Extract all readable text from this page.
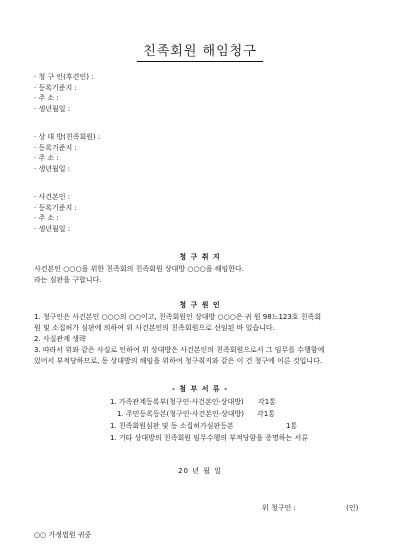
친족회원 해임청구
· 청 구 인(후견인) :
· 등록기준지 :
· 주 소 :
· 생년월일 :
· 상 대 방(친족회원) :
· 등록기준지 :
· 주 소 :
· 생년월일 :
· 사건본인 :
· 등록기준지 :
· 주 소 :
· 생년월일 :
청 구 취 지

사건본인 ○○○을 위한 친족회의 친족회원 상대방 ○○○을 해임한다.

라는 심판을 구합니다.

청 구 원 인

1. 청구인은 사건본인 ○○○의 ○○이고, 친족회원인 상대방 ○○○은 귀 원 98느123호 친족회

원 및 소집허가 심판에 의하여 위 사건본인의 친족회원으로 선임된 바 있습니다.

2. 사실관계 생략

3. 따라서 위와 같은 사실로 인하여 위 상대방은 사건본인의 친족회원으로서 그 임무를 수행함에

있어서 부적당하므로, 동 상대방의 해임을 위하여 청구취지와 같은 이 건 청구에 이른 것입니다.

- 첨 부 서 류 -
1. 가족관계등록부(청구인·사건본인·상대방) 각1통
1. 주민등록등본(청구인·사건본인·상대방) 각1통
1. 친족회원심판 및 동 소집허가심판등본	1통
1. 기타 상대방의 친족회원 임무수행의 부적당함을 증명하는 서류
20 년 월 일
위 청구인 :	(인)
○○ 가정법원 귀중
